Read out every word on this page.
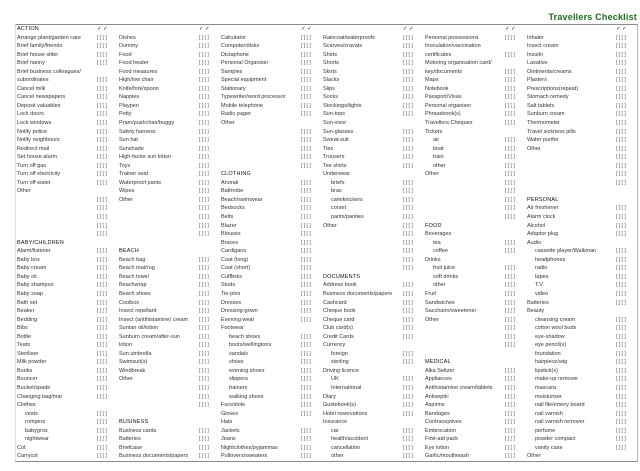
Travellers Checklist
ACTION	✓ ✓
Arrange plant/garden care	[ ] [ ]
Brief family/friends	[ ] [ ]
Brief house sitter	[ ] [ ]
Brief nanny	[ ] [ ]
Brief business colleagues/
subordinates	[ ] [ ]
Cancel milk	[ ] [ ]
Cancel newspapers	[ ] [ ]
Deposit valuables	[ ] [ ]
Lock doors	[ ] [ ]
Lock windows	[ ] [ ]
Notify police	[ ] [ ]
Notify neighbours	[ ] [ ]
Redirect mail	[ ] [ ]
Set house alarm	[ ] [ ]
Turn off gas	[ ] [ ]
Turn off electricity	[ ] [ ]
Turn off water	[ ] [ ]
Other
[ ] [ ]
[ ] [ ]
[ ] [ ]
[ ] [ ]
[ ] [ ]
BABY/CHILDREN
Alarm/listener	[ ] [ ]
Baby box	[ ] [ ]
Baby cream	[ ] [ ]
Baby oil	[ ] [ ]
Baby shampoo	[ ] [ ]
Baby soap	[ ] [ ]
Bath set	[ ] [ ]
Beaker	[ ] [ ]
Bedding	[ ] [ ]
Bibs	[ ] [ ]
Bottle	[ ] [ ]
Teats	[ ] [ ]
Steriliser	[ ] [ ]
Milk powder	[ ] [ ]
Books	[ ] [ ]
Bouncer	[ ] [ ]
Bucket/spade	[ ] [ ]
Changing bag/mat	[ ] [ ]
Clothes
vests	[ ] [ ]
rompers	[ ] [ ]
babygros	[ ] [ ]
nightwear	[ ] [ ]
Cot	[ ] [ ]
Carrycot	[ ] [ ]
✓ ✓
Dishes	[ ] [ ]
Dummy	[ ] [ ]
Food	[ ] [ ]
Food heater	[ ] [ ]
Food measures	[ ] [ ]
High/low chair	[ ] [ ]
Knife/fork/spoon	[ ] [ ]
Nappies	[ ] [ ]
Playpen	[ ] [ ]
Potty	[ ] [ ]
Pram/pushchair/buggy	[ ] [ ]
Safety harness	[ ] [ ]
Sun hat	[ ] [ ]
Sunshade	[ ] [ ]
High-factor sun lotion	[ ] [ ]
Toys	[ ] [ ]
Trainer seat	[ ] [ ]
Waterproof pants	[ ] [ ]
Wipes	[ ] [ ]
Other	[ ] [ ]
[ ] [ ]
[ ] [ ]
[ ] [ ]
[ ] [ ]
BEACH
Beach bag	[ ] [ ]
Beach mat/rug	[ ] [ ]
Beach towel	[ ] [ ]
Beachwrap	[ ] [ ]
Beach shoes	[ ] [ ]
Coolbox	[ ] [ ]
Insect repellant	[ ] [ ]
Insect (antihistamine) cream	[ ] [ ]
Suntan oil/lotion	[ ] [ ]
Sunburn cream/after-sun	[ ] [ ]
lotion	[ ] [ ]
Sun umbrella	[ ] [ ]
Swimsuit(s)	[ ] [ ]
Windbreak	[ ] [ ]
Other	[ ] [ ]
[ ] [ ]
[ ] [ ]
[ ] [ ]
BUSINESS
Business cards	[ ] [ ]
Batteries	[ ] [ ]
Briefcase	[ ] [ ]
Business documents/papers	[ ] [ ]
✓ ✓
Calculator	[ ] [ ]
Computer/disks	[ ] [ ]
Dictaphone	[ ] [ ]
Personal Organiser	[ ] [ ]
Samples	[ ] [ ]
Special equipment	[ ] [ ]
Stationary	[ ] [ ]
Typewriter/word processor	[ ] [ ]
Mobile telephone	[ ] [ ]
Radio pager	[ ] [ ]
Other
[ ] [ ]
[ ] [ ]
[ ] [ ]
[ ] [ ]
[ ] [ ]
CLOTHING
Anorak	[ ] [ ]
Bathrobe	[ ] [ ]
Beach/swimwear	[ ] [ ]
Bedsocks	[ ] [ ]
Belts	[ ] [ ]
Blazer	[ ] [ ]
Blouses	[ ] [ ]
Braces	[ ] [ ]
Cardigans	[ ] [ ]
Coat (long)	[ ] [ ]
Coat (short)	[ ] [ ]
Cufflinks	[ ] [ ]
Studs	[ ] [ ]
Tie-pins	[ ] [ ]
Dresses	[ ] [ ]
Dressing-gown	[ ] [ ]
Evening wear	[ ] [ ]
Footwear
beach shoes	[ ] [ ]
boots/wellingtons	[ ] [ ]
sandals	[ ] [ ]
shoes	[ ] [ ]
evening shoes	[ ] [ ]
slippers	[ ] [ ]
trainers	[ ] [ ]
walking shoes	[ ] [ ]
Furs/stole	[ ] [ ]
Gloves	[ ] [ ]
Hats
Jackets	[ ] [ ]
Jeans	[ ] [ ]
Nightclothes/pyjammas	[ ] [ ]
Pullovers/sweaters	[ ] [ ]
✓ ✓
Raincoat/waterproofs	[ ] [ ]
Scarves/cravats	[ ] [ ]
Shirts	[ ] [ ]
Shorts	[ ] [ ]
Skirts	[ ] [ ]
Slacks	[ ] [ ]
Slips	[ ] [ ]
Socks	[ ] [ ]
Stockings/tights	[ ] [ ]
Sun-tops	[ ] [ ]
Sun-visor
Sun-glasses	[ ] [ ]
Sweat-suit	[ ] [ ]
Ties	[ ] [ ]
Trousers	[ ] [ ]
Tee shirts	[ ] [ ]
Underwear
briefs	[ ] [ ]
bras	[ ] [ ]
camiknickers	[ ] [ ]
corset	[ ] [ ]
pants/panties	[ ] [ ]
Other	[ ] [ ]
[ ] [ ]
[ ] [ ]
[ ] [ ]
[ ] [ ]
[ ] [ ]
DOCUMENTS
Address book	[ ] [ ]
Business documents/papers	[ ] [ ]
Cashcard	[ ] [ ]
Cheque book	[ ] [ ]
Cheque card	[ ] [ ]
Club card(s)	[ ] [ ]
Credit Cards	[ ] [ ]
Currency
foreign	[ ] [ ]
sterling	[ ] [ ]
Driving licence
UK	[ ] [ ]
International	[ ] [ ]
Diary	[ ] [ ]
Guidebook(s)	[ ] [ ]
Hotel reservations	[ ] [ ]
Insurance
car	[ ] [ ]
health/accident	[ ] [ ]
cancellation	[ ] [ ]
other	[ ] [ ]
✓ ✓
Personal possessions	[ ] [ ]
Inoculation/vaccination
certificates	[ ] [ ]
Motoring organisation card/
key/documents	[ ] [ ]
Maps	[ ] [ ]
Notebook	[ ] [ ]
Passport/Visas	[ ] [ ]
Personal organiser	[ ] [ ]
Phrasebook(s)	[ ] [ ]
Travellers Cheques	[ ] [ ]
Tickets
air	[ ] [ ]
boat	[ ] [ ]
train	[ ] [ ]
other	[ ] [ ]
Other	[ ] [ ]
[ ] [ ]
[ ] [ ]
[ ] [ ]
[ ] [ ]
[ ] [ ]
FOOD
Beverages
tea	[ ] [ ]
coffee	[ ] [ ]
Drinks
fruit juice	[ ] [ ]
soft drinks	[ ] [ ]
other	[ ] [ ]
Fruit	[ ] [ ]
Sandwiches	[ ] [ ]
Saccharin/sweetener	[ ] [ ]
Other	[ ] [ ]
[ ] [ ]
[ ] [ ]
[ ] [ ]
MEDICAL
Alka Seltzer	[ ] [ ]
Appliances	[ ] [ ]
Antihistamine cream/tablets	[ ] [ ]
Antiseptic	[ ] [ ]
Aspirins	[ ] [ ]
Bandages	[ ] [ ]
Contraceptives	[ ] [ ]
Embrocation	[ ] [ ]
First-aid pack	[ ] [ ]
Eye lotion	[ ] [ ]
Garlic/mouthwash	[ ] [ ]
✓ ✓
Inhaler	[ ] [ ]
Insect cream	[ ] [ ]
Insulin	[ ] [ ]
Laxative	[ ] [ ]
Ointments/creams	[ ] [ ]
Plasters	[ ] [ ]
Prescriptions(repeat)	[ ] [ ]
Stomach remedy	[ ] [ ]
Salt tablets	[ ] [ ]
Sunburn cream	[ ] [ ]
Thermometer	[ ] [ ]
Travel sickness pills	[ ] [ ]
Water purifer	[ ] [ ]
Other	[ ] [ ]
[ ] [ ]
[ ] [ ]
[ ] [ ]
[ ] [ ]
PERSONAL
Air freshener	[ ] [ ]
Alarm clock	[ ] [ ]
Alcohol	[ ] [ ]
Adaptor plug	[ ] [ ]
Audio
cassette player/Walkman	[ ] [ ]
headphones	[ ] [ ]
radio	[ ] [ ]
tapes	[ ] [ ]
T.V.	[ ] [ ]
video	[ ] [ ]
Batteries	[ ] [ ]
Beauty
cleansing cream	[ ] [ ]
cotton wool buds	[ ] [ ]
eye-shadow	[ ] [ ]
eye pencil(s)	[ ] [ ]
foundation	[ ] [ ]
hairpiece/wig	[ ] [ ]
lipstick(s)	[ ] [ ]
make-up remover	[ ] [ ]
mascara	[ ] [ ]
moisturiser	[ ] [ ]
nail file/emery board	[ ] [ ]
nail varnish	[ ] [ ]
nail varnish remover	[ ] [ ]
perfume	[ ] [ ]
powder compact	[ ] [ ]
vanity case	[ ] [ ]
Other
